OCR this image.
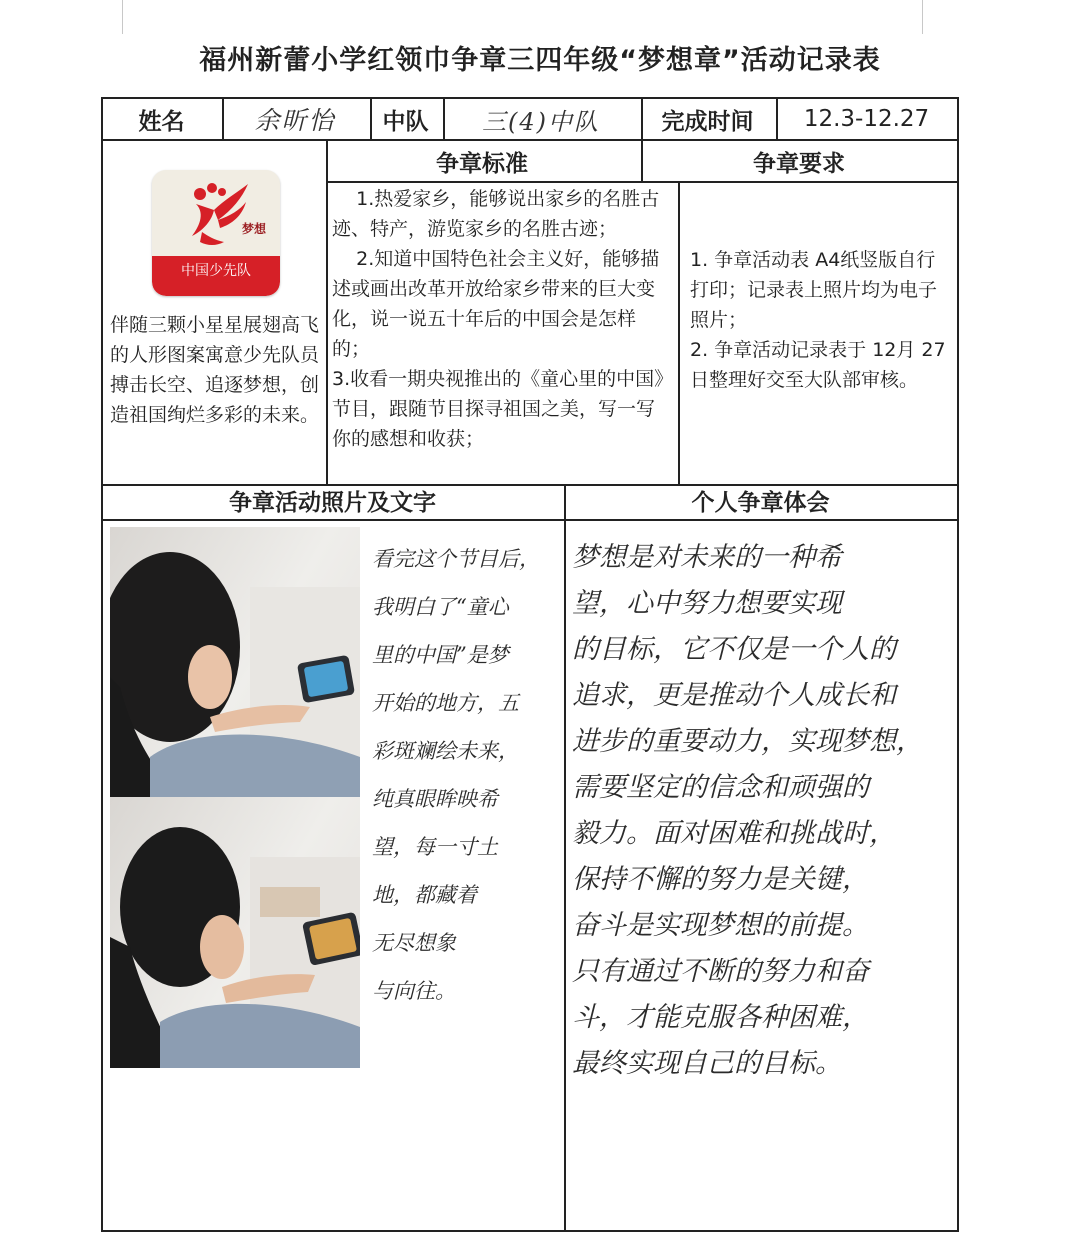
福州新蕾小学红领巾争章三四年级“梦想章”活动记录表
姓名	余昕怡	中队	三(4)中队	完成时间	12.3-12.27
梦想
中国少先队

伴随三颗小星星展翅高飞的人形图案寓意少先队员搏击长空、追逐梦想，创造祖国绚烂多彩的未来。

争章标准

1.热爱家乡，能够说出家乡的名胜古迹、特产，游览家乡的名胜古迹；

2.知道中国特色社会主义好，能够描述或画出改革开放给家乡带来的巨大变化，说一说五十年后的中国会是怎样的；

3.收看一期央视推出的《童心里的中国》节目，跟随节目探寻祖国之美，写一写你的感想和收获；

争章要求

1. 争章活动表 A4纸竖版自行打印；记录表上照片均为电子照片；

2. 争章活动记录表于 12月 27 日整理好交至大队部审核。

争章活动照片及文字	个人争章体会

看完这个节目后，
我明白了“童心
里的中国”是梦
开始的地方，五
彩斑斓绘未来，
纯真眼眸映希
望，每一寸土
地，都藏着
无尽想象
与向往。

梦想是对未来的一种希
望，心中努力想要实现
的目标，它不仅是一个人的
追求，更是推动个人成长和
进步的重要动力，实现梦想，
需要坚定的信念和顽强的
毅力。面对困难和挑战时，
保持不懈的努力是关键，
奋斗是实现梦想的前提。
只有通过不断的努力和奋
斗，才能克服各种困难，
最终实现自己的目标。
